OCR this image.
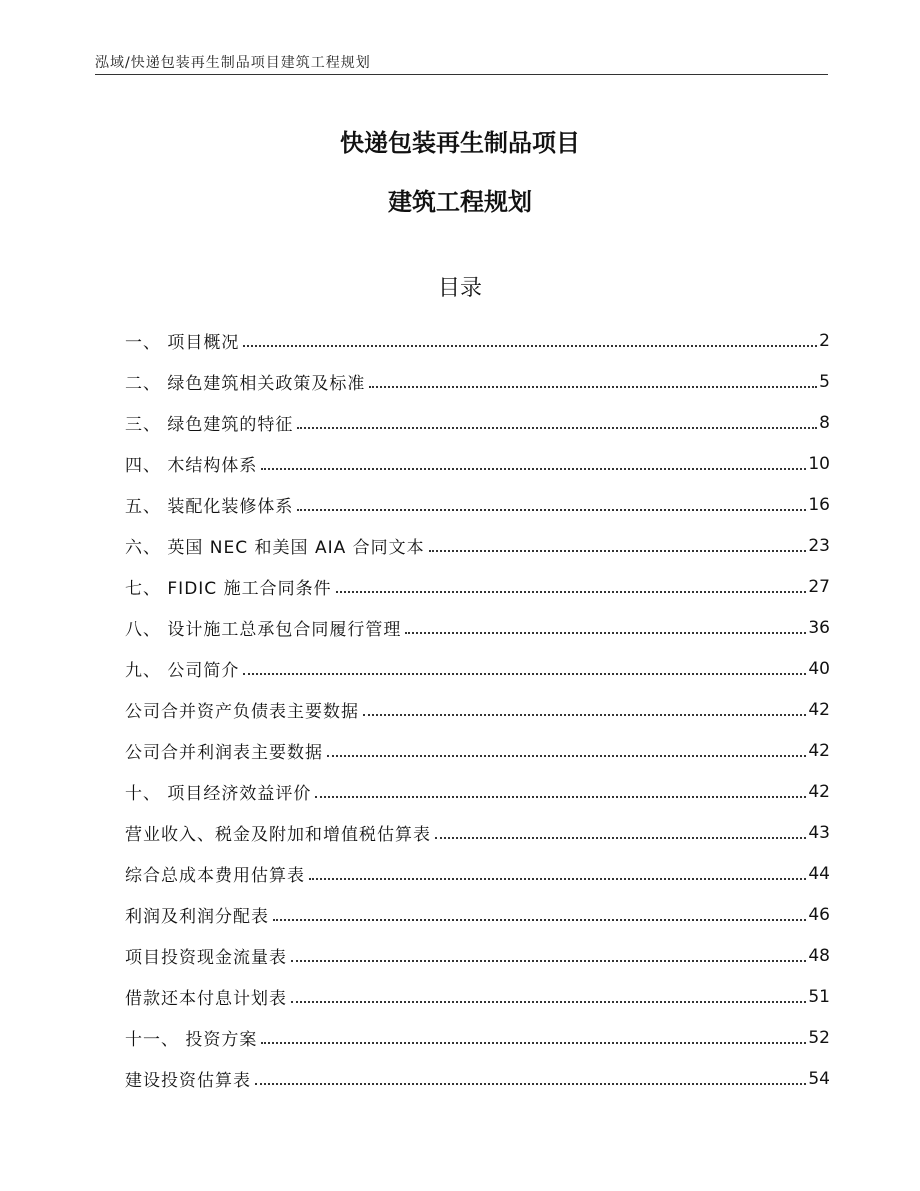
泓域/快递包装再生制品项目建筑工程规划
快递包装再生制品项目
建筑工程规划
目录
一、 项目概况	2
二、 绿色建筑相关政策及标准	5
三、 绿色建筑的特征	8
四、 木结构体系	10
五、 装配化装修体系	16
六、 英国 NEC 和美国 AIA 合同文本	23
七、 FIDIC 施工合同条件	27
八、 设计施工总承包合同履行管理	36
九、 公司简介	40
公司合并资产负债表主要数据	42
公司合并利润表主要数据	42
十、 项目经济效益评价	42
营业收入、税金及附加和增值税估算表	43
综合总成本费用估算表	44
利润及利润分配表	46
项目投资现金流量表	48
借款还本付息计划表	51
十一、 投资方案	52
建设投资估算表	54
